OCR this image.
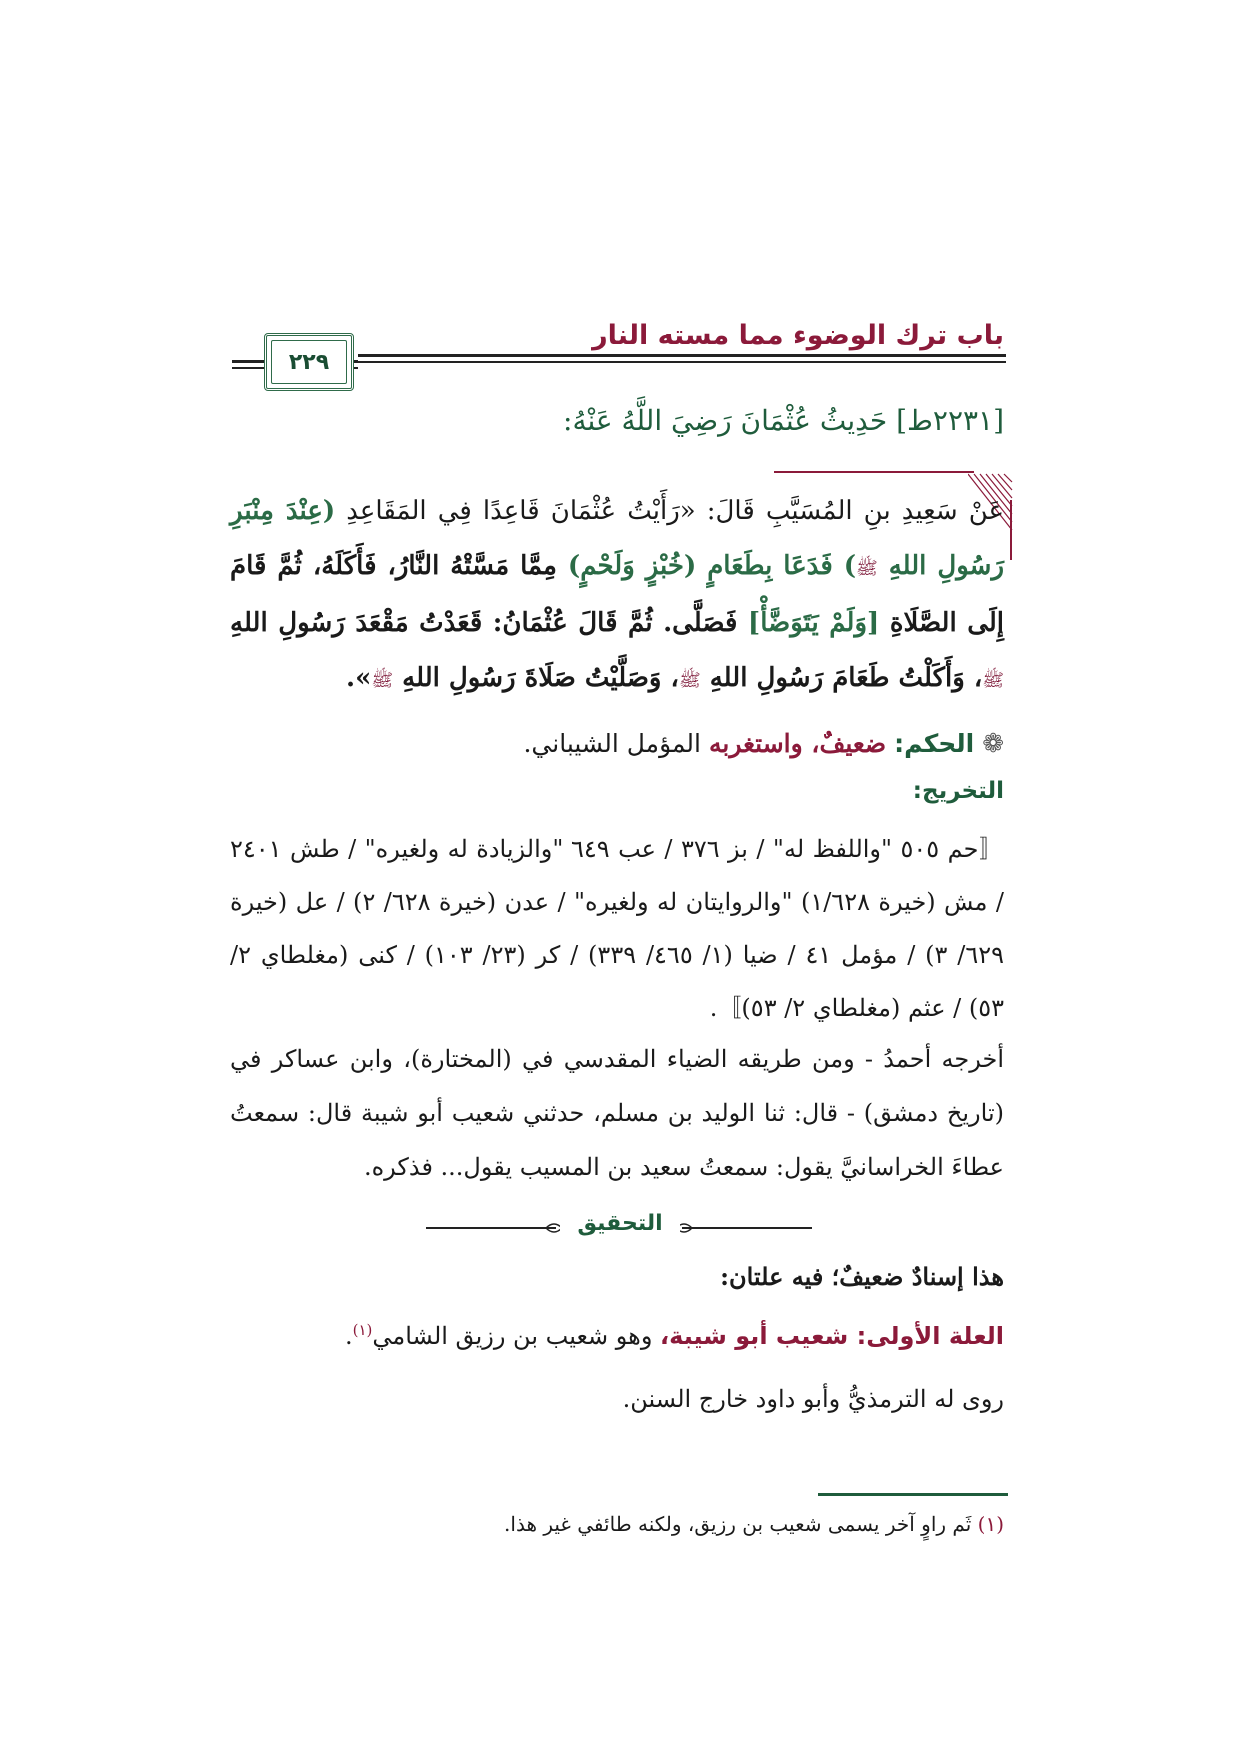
باب ترك الوضوء مما مسته النار
٢٢٩
[٢٢٣١ط] حَدِيثُ عُثْمَانَ رَضِيَ اللَّهُ عَنْهُ:
عَنْ سَعِيدِ بنِ المُسَيَّبِ قَالَ: «رَأَيْتُ عُثْمَانَ قَاعِدًا فِي المَقَاعِدِ (عِنْدَ مِنْبَرِ رَسُولِ اللهِ ﷺ) فَدَعَا بِطَعَامٍ (خُبْزٍ وَلَحْمٍ) مِمَّا مَسَّتْهُ النَّارُ، فَأَكَلَهُ، ثُمَّ قَامَ إِلَى الصَّلَاةِ [وَلَمْ يَتَوَضَّأْ] فَصَلَّى. ثُمَّ قَالَ عُثْمَانُ: قَعَدْتُ مَقْعَدَ رَسُولِ اللهِ ﷺ، وَأَكَلْتُ طَعَامَ رَسُولِ اللهِ ﷺ، وَصَلَّيْتُ صَلَاةَ رَسُولِ اللهِ ﷺ».
❁ الحكم: ضعيفٌ، واستغربه المؤمل الشيباني.
التخريج:
〚حم ٥٠٥ "واللفظ له" / بز ٣٧٦ / عب ٦٤٩ "والزيادة له ولغيره" / طش ٢٤٠١ / مش (خيرة ١/٦٢٨) "والروايتان له ولغيره" / عدن (خيرة ٦٢٨/ ٢) / عل (خيرة ٦٢٩/ ٣) / مؤمل ٤١ / ضيا (١/ ٤٦٥/ ٣٣٩) / كر (٢٣/ ١٠٣) / كنى (مغلطاي ٢/ ٥٣) / عثم (مغلطاي ٢/ ٥٣)〛.
أخرجه أحمدُ - ومن طريقه الضياء المقدسي في (المختارة)، وابن عساكر في (تاريخ دمشق) - قال: ثنا الوليد بن مسلم، حدثني شعيب أبو شيبة قال: سمعتُ عطاءَ الخراسانيَّ يقول: سمعتُ سعيد بن المسيب يقول... فذكره.
التحقيق
هذا إسنادٌ ضعيفٌ؛ فيه علتان:
العلة الأولى: شعيب أبو شيبة، وهو شعيب بن رزيق الشامي$^{(١)}$.
روى له الترمذيُّ وأبو داود خارج السنن.
(١) ثَم راوٍ آخر يسمى شعيب بن رزيق، ولكنه طائفي غير هذا.
